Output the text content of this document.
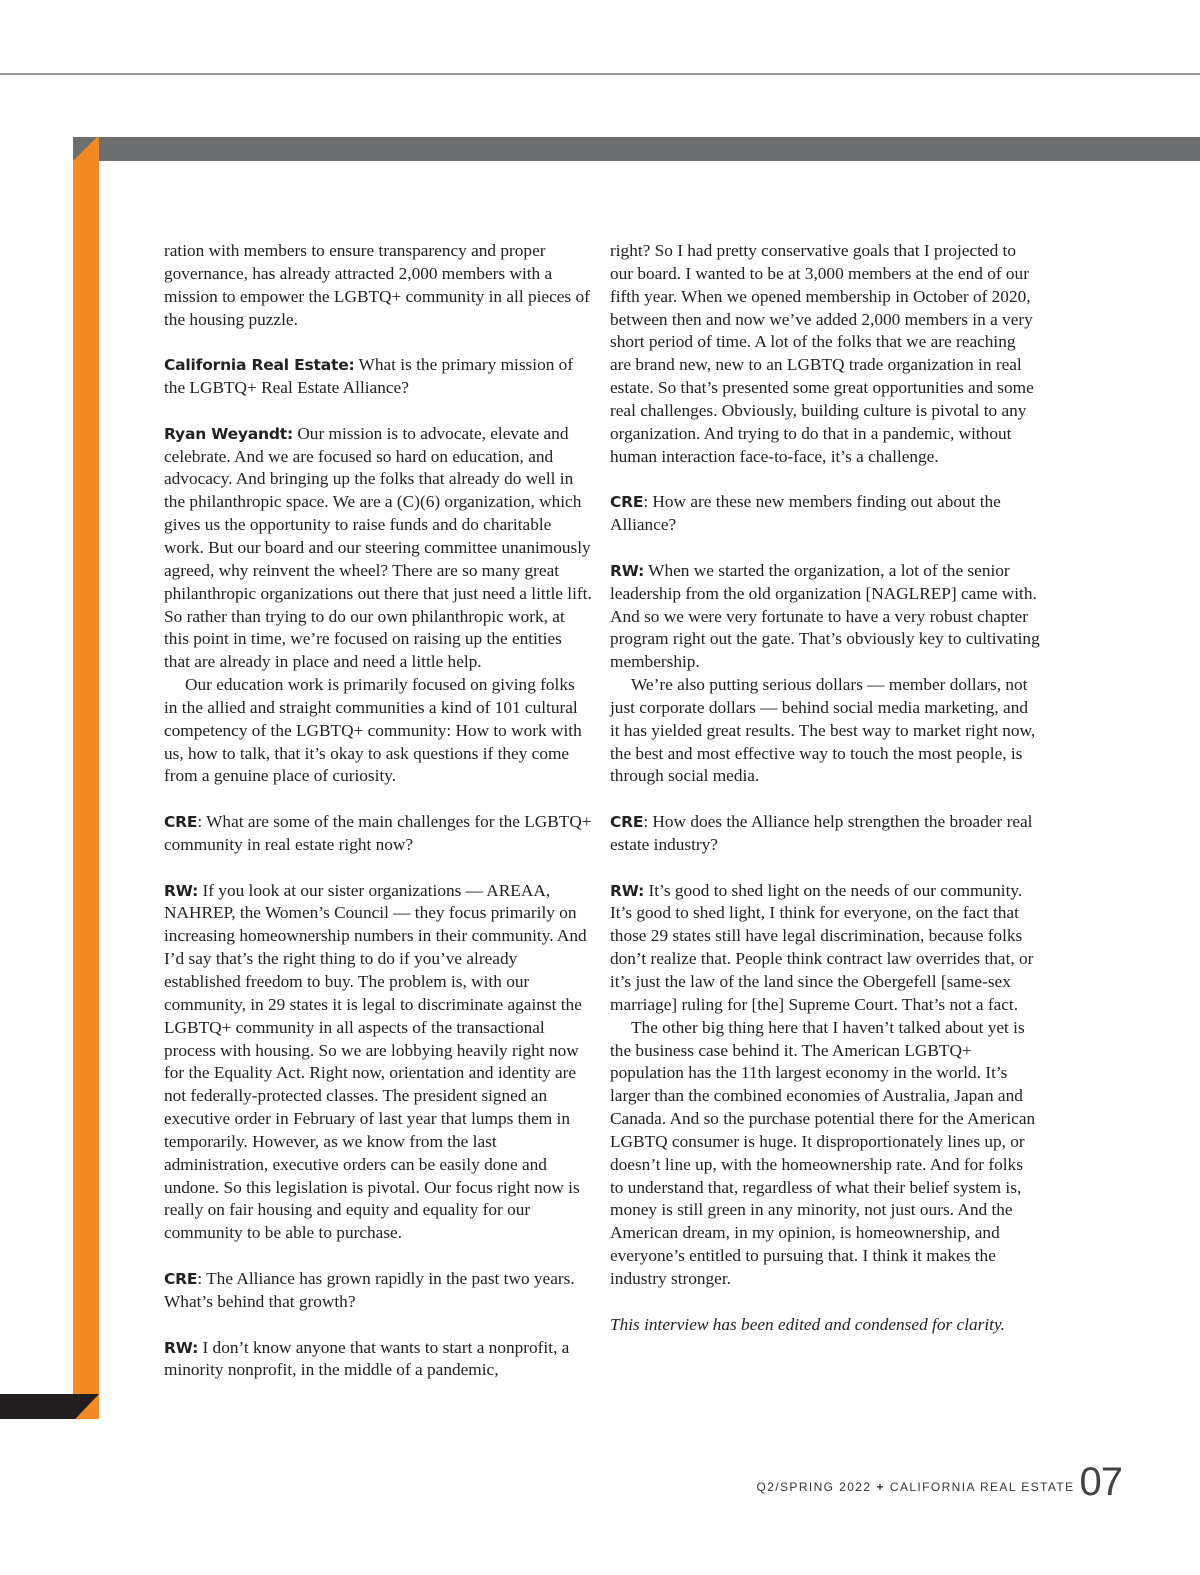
ration with members to ensure transparency and proper governance, has already attracted 2,000 members with a mission to empower the LGBTQ+ community in all pieces of the housing puzzle.

California Real Estate: What is the primary mission of the LGBTQ+ Real Estate Alliance?

Ryan Weyandt: Our mission is to advocate, elevate and celebrate. And we are focused so hard on education, and advocacy. And bringing up the folks that already do well in the philanthropic space. We are a (C)(6) organization, which gives us the opportunity to raise funds and do charitable work. But our board and our steering committee unanimously agreed, why reinvent the wheel? There are so many great philanthropic organizations out there that just need a little lift. So rather than trying to do our own philanthropic work, at this point in time, we’re focused on raising up the entities that are already in place and need a little help.

Our education work is primarily focused on giving folks in the allied and straight communities a kind of 101 cultural competency of the LGBTQ+ community: How to work with us, how to talk, that it’s okay to ask questions if they come from a genuine place of curiosity.

CRE: What are some of the main challenges for the LGBTQ+ community in real estate right now?

RW: If you look at our sister organizations — AREAA, NAHREP, the Women’s Council — they focus primarily on increasing homeownership numbers in their community. And I’d say that’s the right thing to do if you’ve already established freedom to buy. The problem is, with our community, in 29 states it is legal to discriminate against the LGBTQ+ community in all aspects of the transactional process with housing. So we are lobbying heavily right now for the Equality Act. Right now, orientation and identity are not federally-protected classes. The president signed an executive order in February of last year that lumps them in temporarily. However, as we know from the last administration, executive orders can be easily done and undone. So this legislation is pivotal. Our focus right now is really on fair housing and equity and equality for our community to be able to purchase.

CRE: The Alliance has grown rapidly in the past two years. What’s behind that growth?

RW: I don’t know anyone that wants to start a nonprofit, a minority nonprofit, in the middle of a pandemic,

right? So I had pretty conservative goals that I projected to our board. I wanted to be at 3,000 members at the end of our fifth year. When we opened membership in October of 2020, between then and now we’ve added 2,000 members in a very short period of time. A lot of the folks that we are reaching are brand new, new to an LGBTQ trade organization in real estate. So that’s presented some great opportunities and some real challenges. Obviously, building culture is pivotal to any organization. And trying to do that in a pandemic, without human interaction face-to-face, it’s a challenge.

CRE: How are these new members finding out about the Alliance?

RW: When we started the organization, a lot of the senior leadership from the old organization [NAGLREP] came with. And so we were very fortunate to have a very robust chapter program right out the gate. That’s obviously key to cultivating membership.

We’re also putting serious dollars — member dollars, not just corporate dollars — behind social media marketing, and it has yielded great results. The best way to market right now, the best and most effective way to touch the most people, is through social media.

CRE: How does the Alliance help strengthen the broader real estate industry?

RW: It’s good to shed light on the needs of our community. It’s good to shed light, I think for everyone, on the fact that those 29 states still have legal discrimination, because folks don’t realize that. People think contract law overrides that, or it’s just the law of the land since the Obergefell [same-sex marriage] ruling for [the] Supreme Court. That’s not a fact.

The other big thing here that I haven’t talked about yet is the business case behind it. The American LGBTQ+ population has the 11th largest economy in the world. It’s larger than the combined economies of Australia, Japan and Canada. And so the purchase potential there for the American LGBTQ consumer is huge. It disproportionately lines up, or doesn’t line up, with the homeownership rate. And for folks to understand that, regardless of what their belief system is, money is still green in any minority, not just ours. And the American dream, in my opinion, is homeownership, and everyone’s entitled to pursuing that. I think it makes the industry stronger.

This interview has been edited and condensed for clarity.

Q2/SPRING 2022 + CALIFORNIA REAL ESTATE 07
